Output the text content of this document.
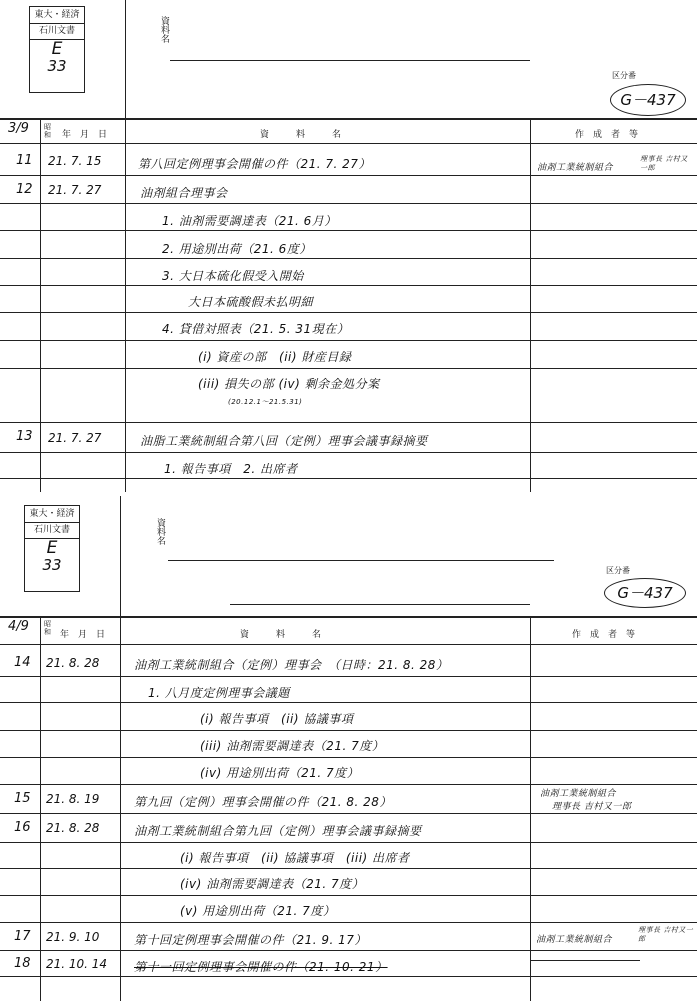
東大・経済
石川文書
E
33
資料名
区分番
G－437
3/9 昭和	年　月　日	資　　　料　　　名	作　成　者　等
11 21. 7. 15	第八回定例理事会開催の件（21. 7. 27）	油剤工業統制組合
理事長 吉村又一郎
12 21. 7. 27	油剤組合理事会
1. 油剤需要調達表（21. 6月）
2. 用途別出荷（21. 6度）
3. 大日本硫化假受入開始
大日本硫酸假未払明細
4. 貸借対照表（21. 5. 31現在）
(i) 資産の部　(ii) 財産目録
(iii) 損失の部 (iv) 剰余金処分案
(20.12.1～21.5.31)
13 21. 7. 27	油脂工業統制組合第八回（定例）理事会議事録摘要
1. 報告事項　2. 出席者
東大・経済
石川文書
E
33
資料名
区分番
G－437
4/9 昭和	年　月　日	資　　　料　　　名	作　成　者　等
14 21. 8. 28	油剤工業統制組合（定例）理事会　（日時：21. 8. 28）
1. 八月度定例理事会議題
(i) 報告事項　(ii) 協議事項
(iii) 油剤需要調達表（21. 7度）
(iv) 用途別出荷（21. 7度）
15 21. 8. 19	第九回（定例）理事会開催の件（21. 8. 28）
油剤工業統制組合
理事長 吉村又一郎
16 21. 8. 28	油剤工業統制組合第九回（定例）理事会議事録摘要
(i) 報告事項　(ii) 協議事項　(iii) 出席者
(iv) 油剤需要調達表（21. 7度）
(v) 用途別出荷（21. 7度）
17 21. 9. 10	第十回定例理事会開催の件（21. 9. 17）	油剤工業統制組合
理事長 吉村又一郎
18 21. 10. 14 第十一回定例理事会開催の件（21. 10. 21）
